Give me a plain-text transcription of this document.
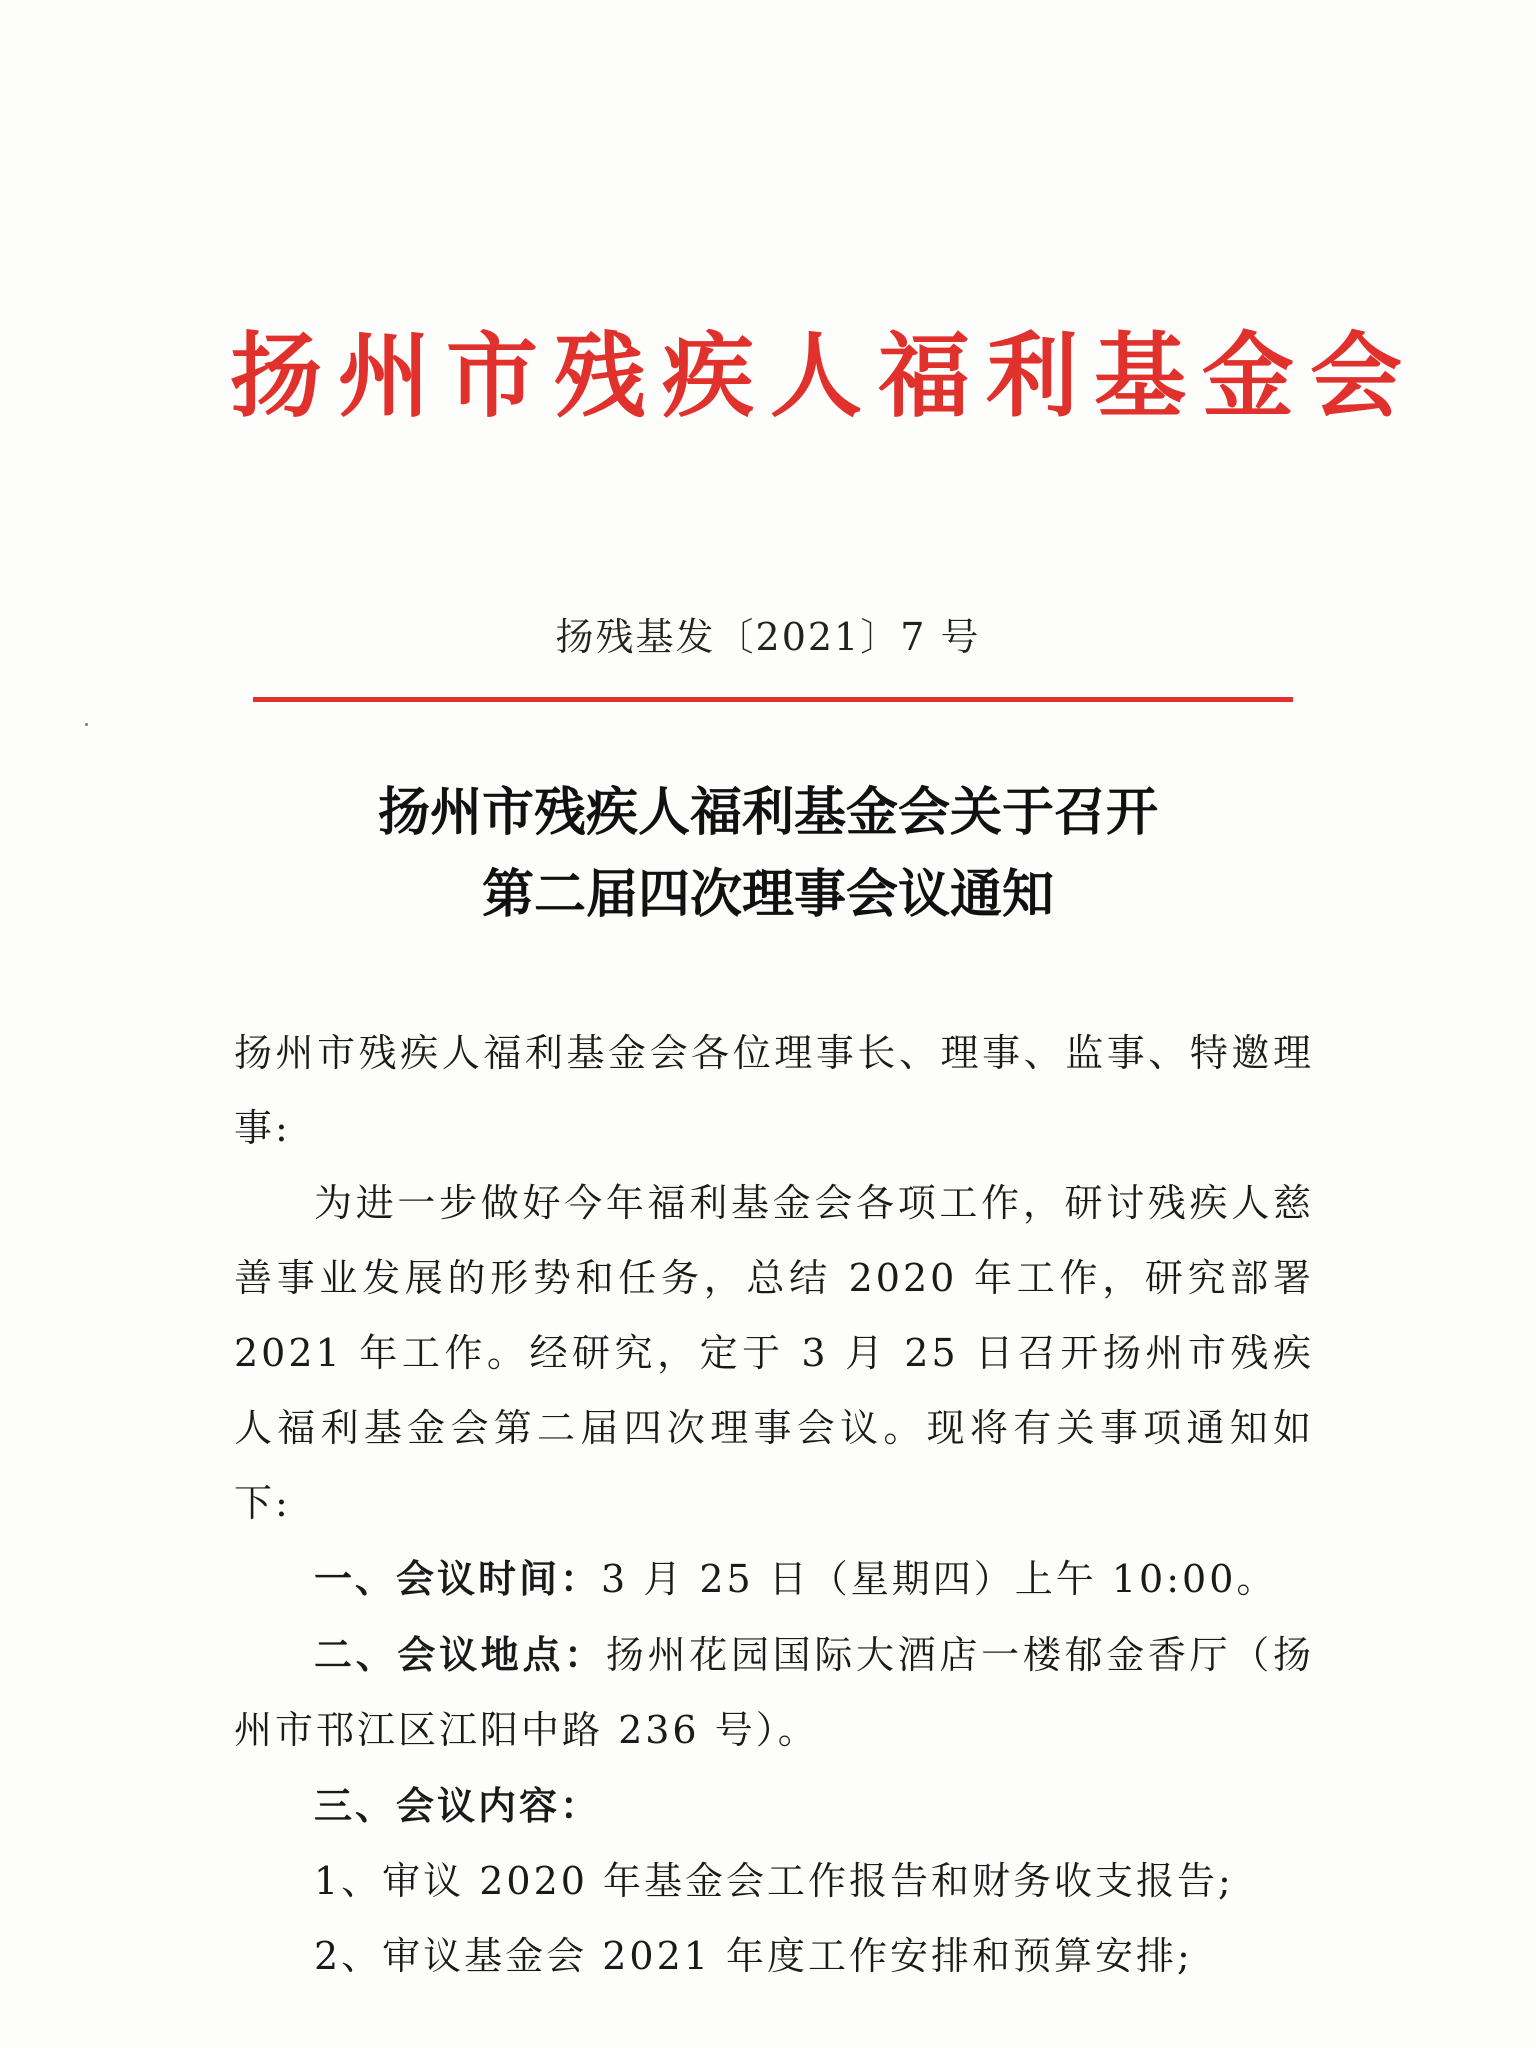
扬州市残疾人福利基金会
扬残基发〔2021〕7 号
扬州市残疾人福利基金会关于召开
第二届四次理事会议通知

扬州市残疾人福利基金会各位理事长、理事、监事、特邀理事:

为进一步做好今年福利基金会各项工作，研讨残疾人慈善事业发展的形势和任务，总结 2020 年工作，研究部署 2021 年工作。经研究，定于 3 月 25 日召开扬州市残疾人福利基金会第二届四次理事会议。现将有关事项通知如下:

一、会议时间：3 月 25 日（星期四）上午 10:00。

二、会议地点：扬州花园国际大酒店一楼郁金香厅（扬州市邗江区江阳中路 236 号）。

三、会议内容：

1、审议 2020 年基金会工作报告和财务收支报告;

2、审议基金会 2021 年度工作安排和预算安排;
